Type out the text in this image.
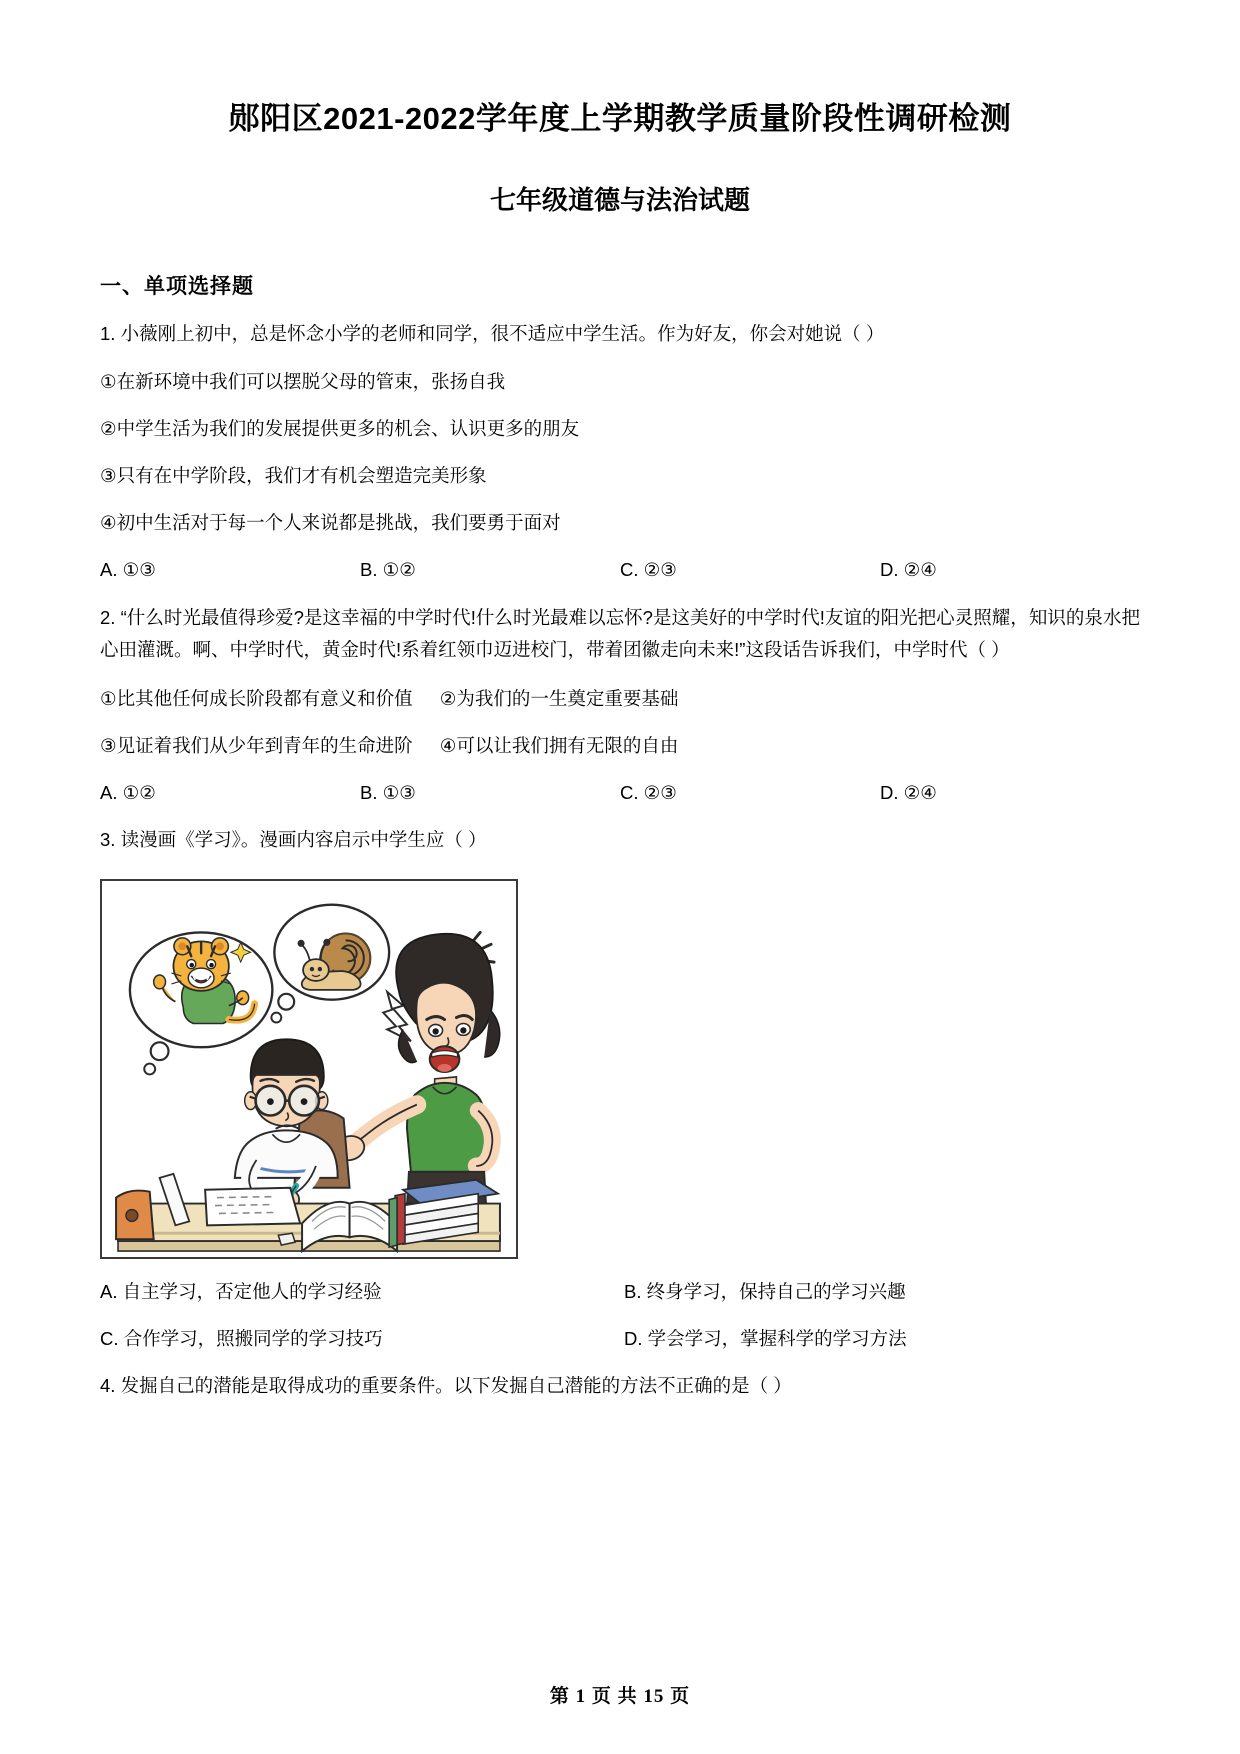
郧阳区2021-2022学年度上学期教学质量阶段性调研检测
七年级道德与法治试题
一、单项选择题

1. 小薇刚上初中，总是怀念小学的老师和同学，很不适应中学生活。作为好友，你会对她说（ ）

①在新环境中我们可以摆脱父母的管束，张扬自我

②中学生活为我们的发展提供更多的机会、认识更多的朋友

③只有在中学阶段，我们才有机会塑造完美形象

④初中生活对于每一个人来说都是挑战，我们要勇于面对

A. ①③	B. ①②	C. ②③	D. ②④

2. “什么时光最值得珍爱?是这幸福的中学时代!什么时光最难以忘怀?是这美好的中学时代!友谊的阳光把心灵照耀，知识的泉水把心田灌溉。啊、中学时代，黄金时代!系着红领巾迈进校门，带着团徽走向未来!”这段话告诉我们，中学时代（ ）

①比其他任何成长阶段都有意义和价值 ②为我们的一生奠定重要基础

③见证着我们从少年到青年的生命进阶 ④可以让我们拥有无限的自由

A. ①②	B. ①③	C. ②③	D. ②④

3. 读漫画《学习》。漫画内容启示中学生应（ ）

A. 自主学习，否定他人的学习经验	B. 终身学习，保持自己的学习兴趣
C. 合作学习，照搬同学的学习技巧	D. 学会学习，掌握科学的学习方法

4. 发掘自己的潜能是取得成功的重要条件。以下发掘自己潜能的方法不正确的是（ ）

第 1 页 共 15 页
